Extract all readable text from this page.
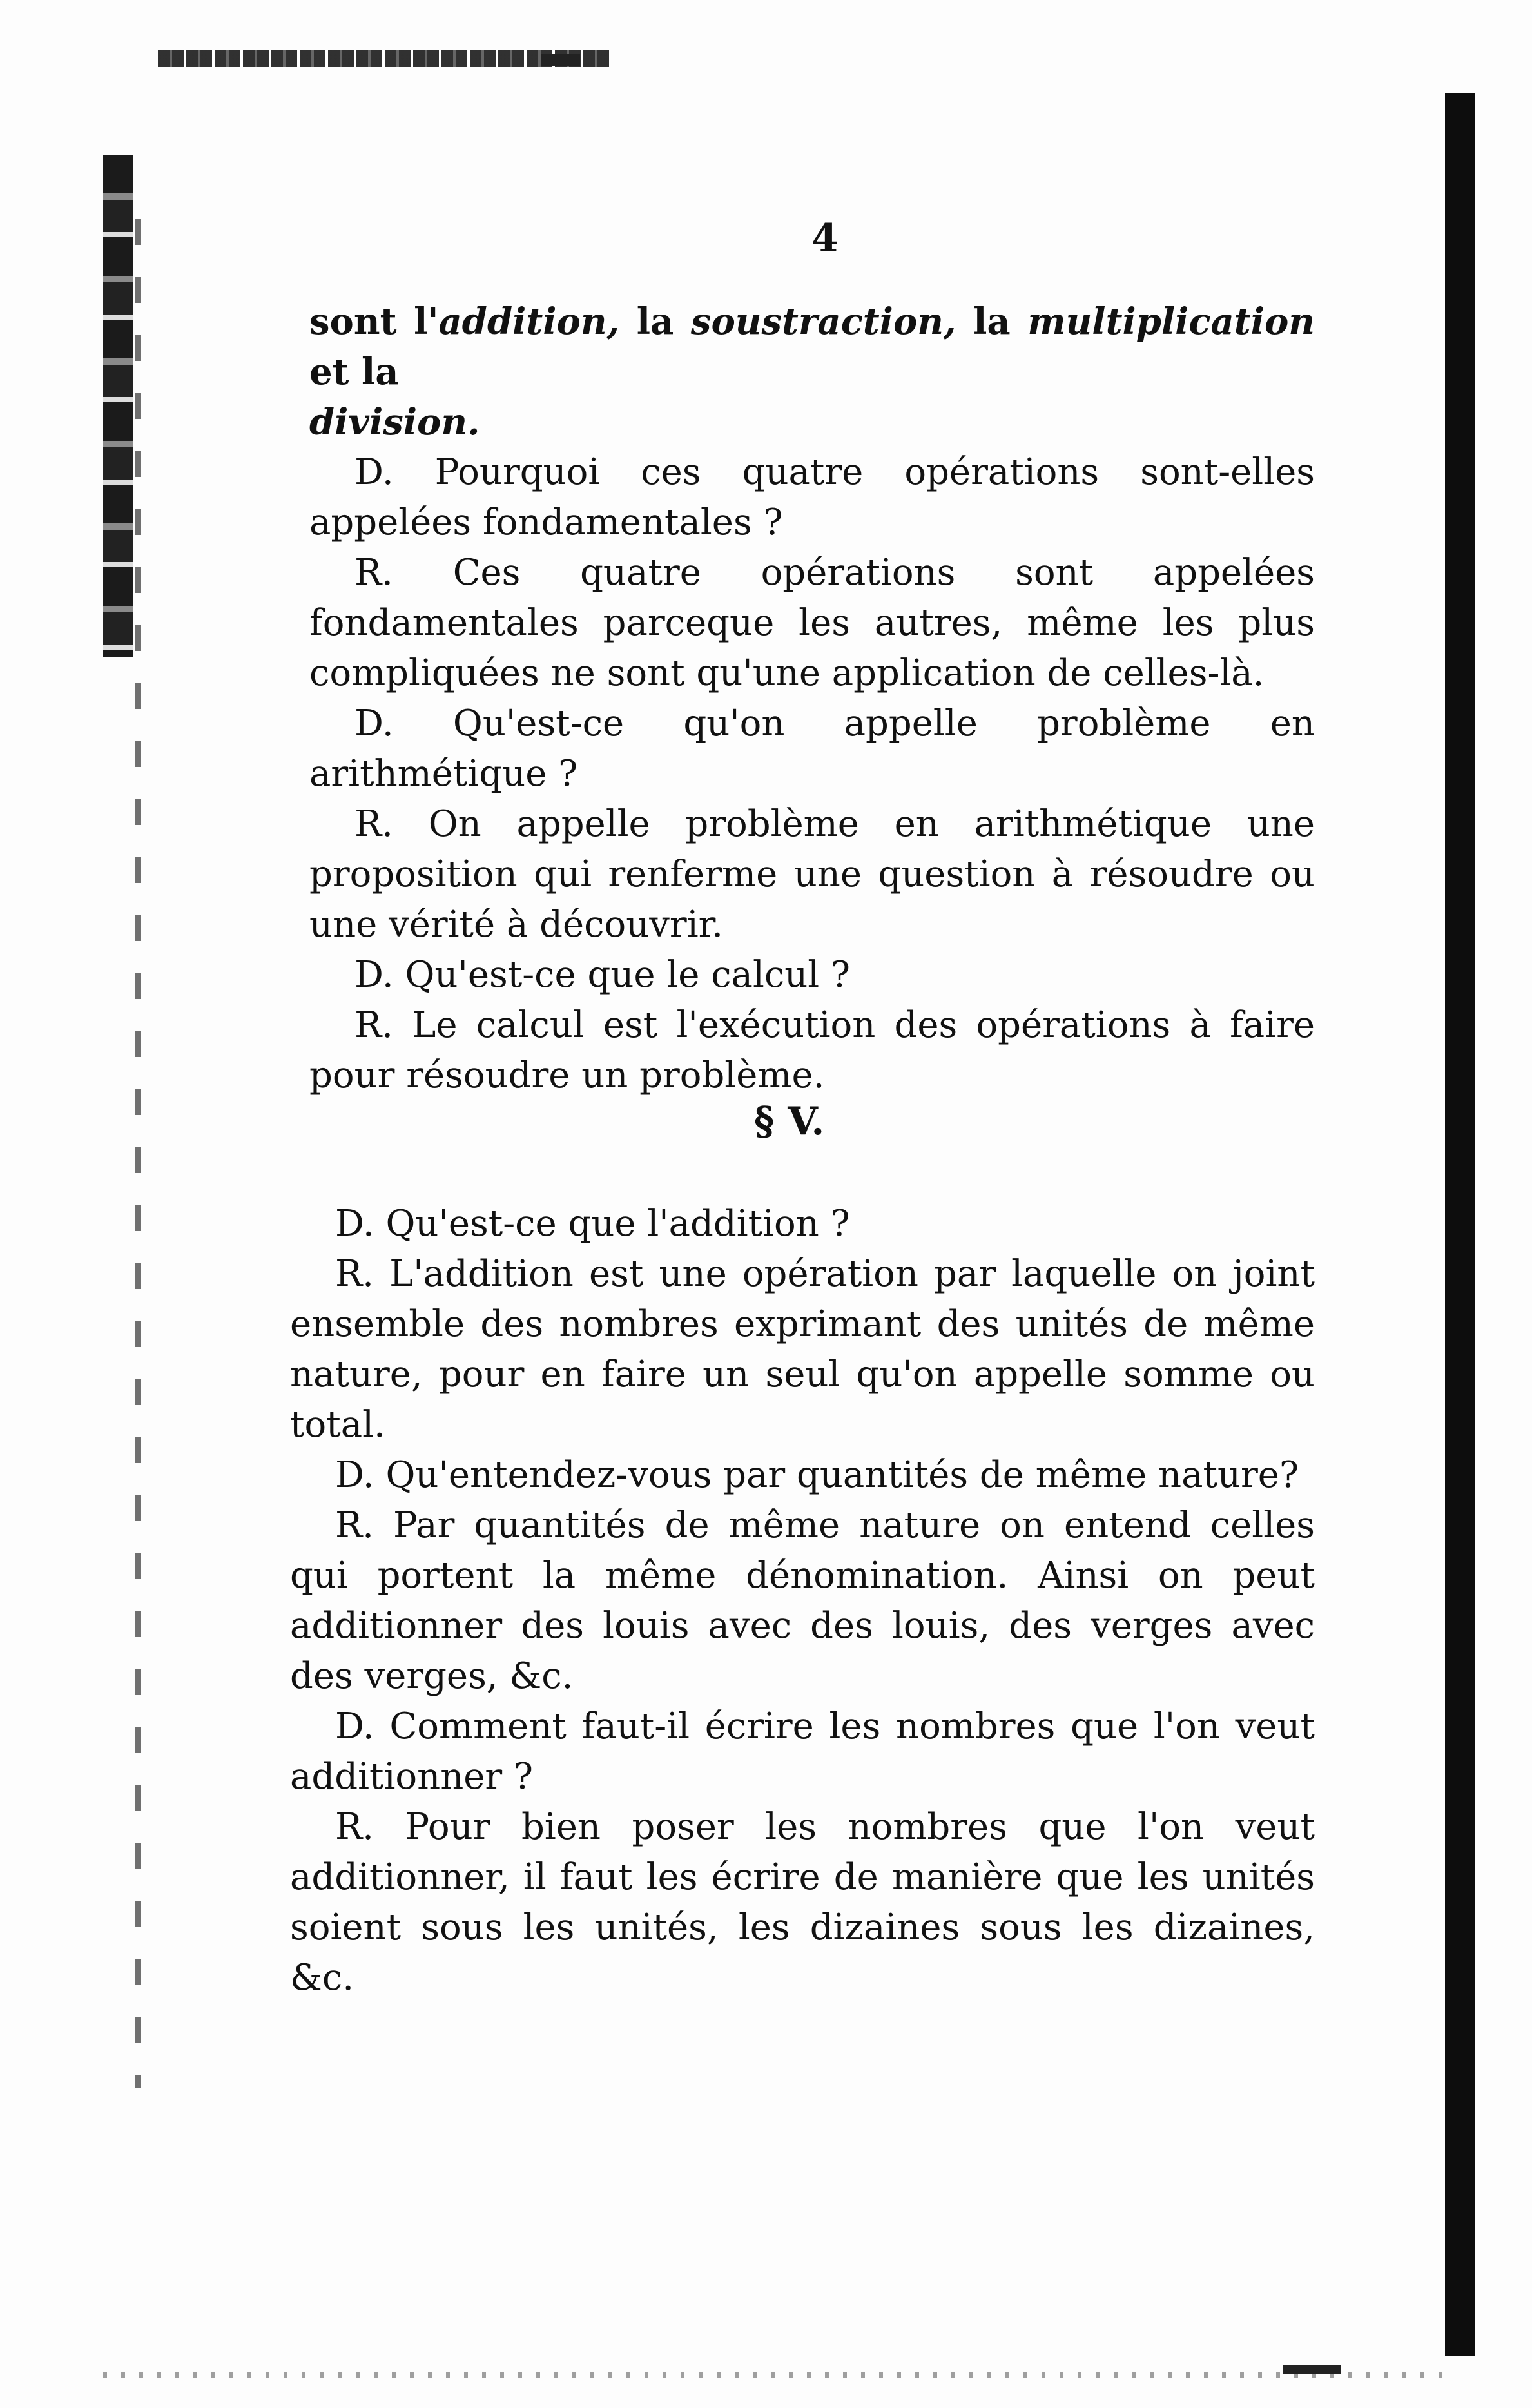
4

sont l'addition, la soustraction, la multiplication et la
division.

D. Pourquoi ces quatre opérations sont-elles appelées fondamentales ?

R. Ces quatre opérations sont appelées fondamentales parceque les autres, même les plus compliquées ne sont qu'une application de celles-là.

D. Qu'est-ce qu'on appelle problème en arithmétique ?

R. On appelle problème en arithmétique une proposition qui renferme une question à résoudre ou une vérité à découvrir.

D. Qu'est-ce que le calcul ?

R. Le calcul est l'exécution des opérations à faire pour résoudre un problème.

§ V.

D. Qu'est-ce que l'addition ?

R. L'addition est une opération par laquelle on joint ensemble des nombres exprimant des unités de même nature, pour en faire un seul qu'on appelle somme ou total.

D. Qu'entendez-vous par quantités de même nature?

R. Par quantités de même nature on entend celles qui portent la même dénomination. Ainsi on peut additionner des louis avec des louis, des verges avec des verges, &c.

D. Comment faut-il écrire les nombres que l'on veut additionner ?

R. Pour bien poser les nombres que l'on veut additionner, il faut les écrire de manière que les unités soient sous les unités, les dizaines sous les dizaines, &c.
